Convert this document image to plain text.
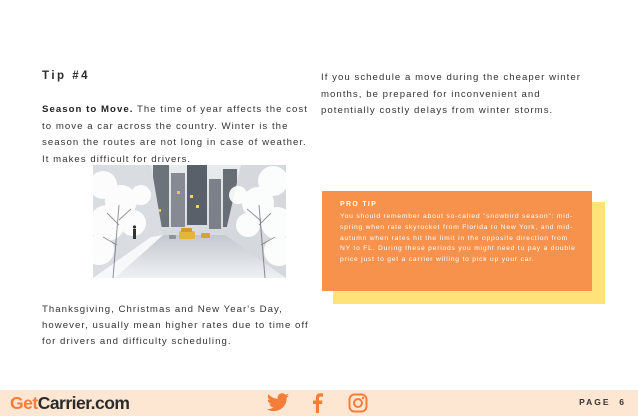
Tip #4
Season to Move. The time of year affects the cost to move a car across the country. Winter is the season the routes are not long in case of weather. It makes difficult for drivers.
Thanksgiving, Christmas and New Year's Day, however, usually mean higher rates due to time off for drivers and difficulty scheduling.
If you schedule a move during the cheaper winter months, be prepared for inconvenient and potentially costly delays from winter storms.
PRO TIP
You should remember about so-called "snowbird season": mid-spring when rate skyrocket from Florida to New York, and mid-autumn when rates hit the limit in the opposite direction from NY to FL. During these periods you might need to pay a double price just to get a carrier willing to pick up your car.
GetCarrier.com	PAGE 6
